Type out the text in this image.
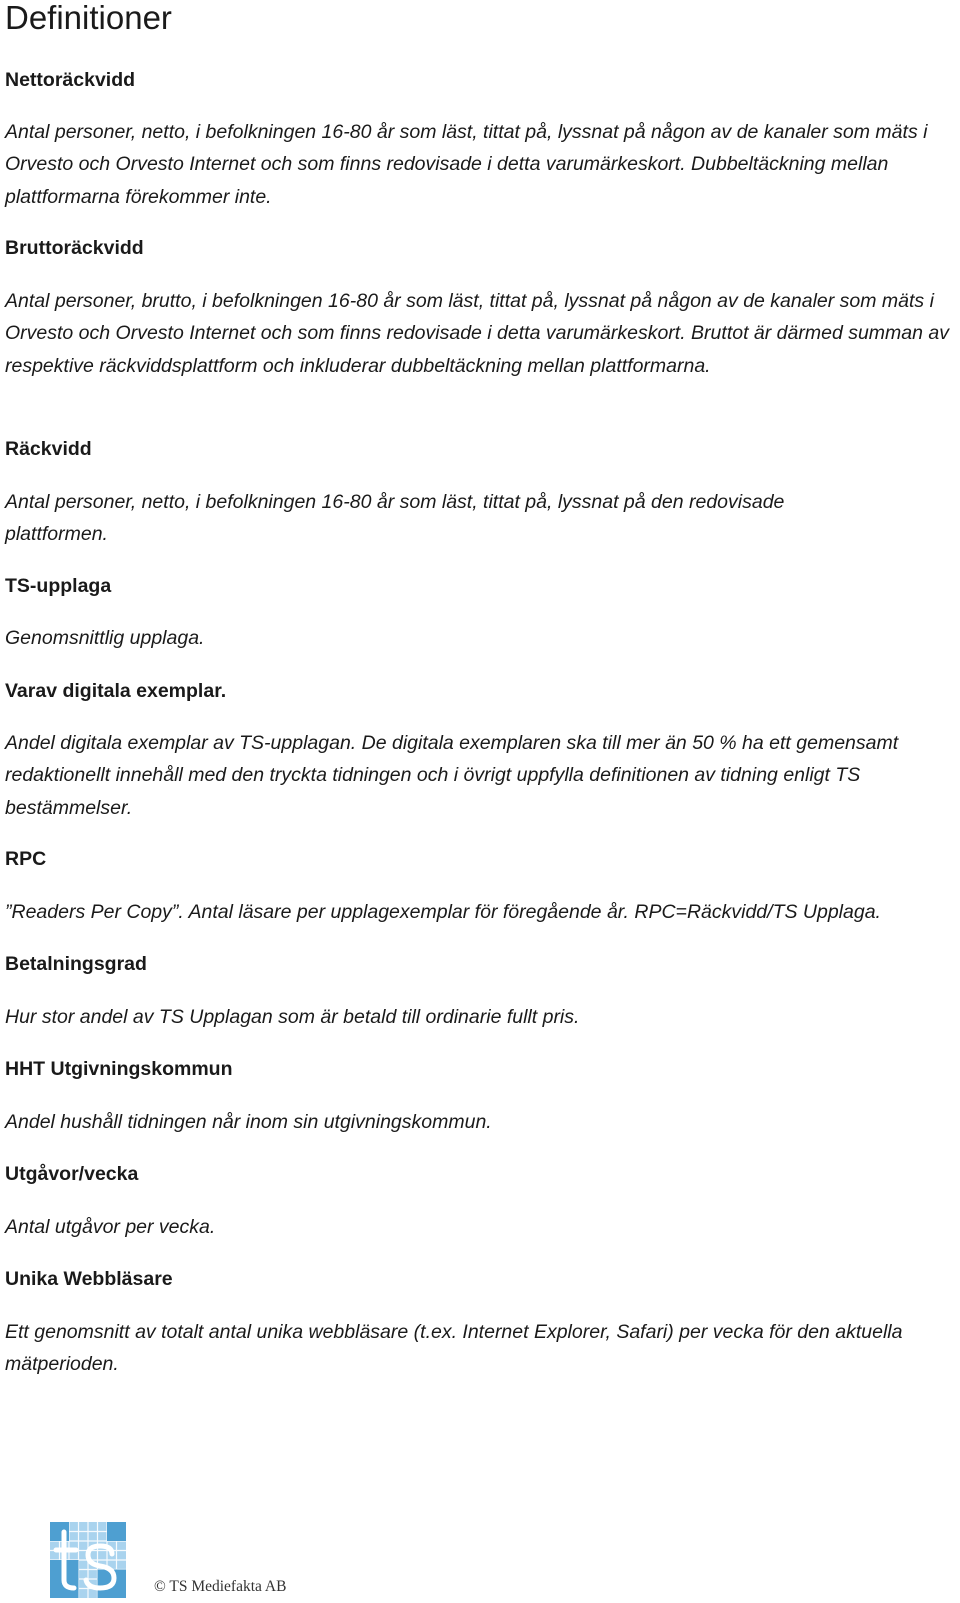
Definitioner

Nettoräckvidd

Antal personer, netto, i befolkningen 16-80 år som läst, tittat på, lyssnat på någon av de kanaler som mäts i Orvesto och Orvesto Internet och som finns redovisade i detta varumärkeskort. Dubbeltäckning mellan plattformarna förekommer inte.

Bruttoräckvidd

Antal personer, brutto, i befolkningen 16-80 år som läst, tittat på, lyssnat på någon av de kanaler som mäts i Orvesto och Orvesto Internet och som finns redovisade i detta varumärkeskort. Bruttot är därmed summan av respektive räckviddsplattform och inkluderar dubbeltäckning mellan plattformarna.

Räckvidd

Antal personer, netto, i befolkningen 16-80 år som läst, tittat på, lyssnat på den redovisade plattformen.

TS-upplaga

Genomsnittlig upplaga.

Varav digitala exemplar.

Andel digitala exemplar av TS-upplagan. De digitala exemplaren ska till mer än 50 % ha ett gemensamt redaktionellt innehåll med den tryckta tidningen och i övrigt uppfylla definitionen av tidning enligt TS bestämmelser.

RPC

”Readers Per Copy”. Antal läsare per upplagexemplar för föregående år. RPC=Räckvidd/TS Upplaga.

Betalningsgrad

Hur stor andel av TS Upplagan som är betald till ordinarie fullt pris.

HHT Utgivningskommun

Andel hushåll tidningen når inom sin utgivningskommun.

Utgåvor/vecka

Antal utgåvor per vecka.

Unika Webbläsare

Ett genomsnitt av totalt antal unika webbläsare (t.ex. Internet Explorer, Safari) per vecka för den aktuella mätperioden.

© TS Mediefakta AB
